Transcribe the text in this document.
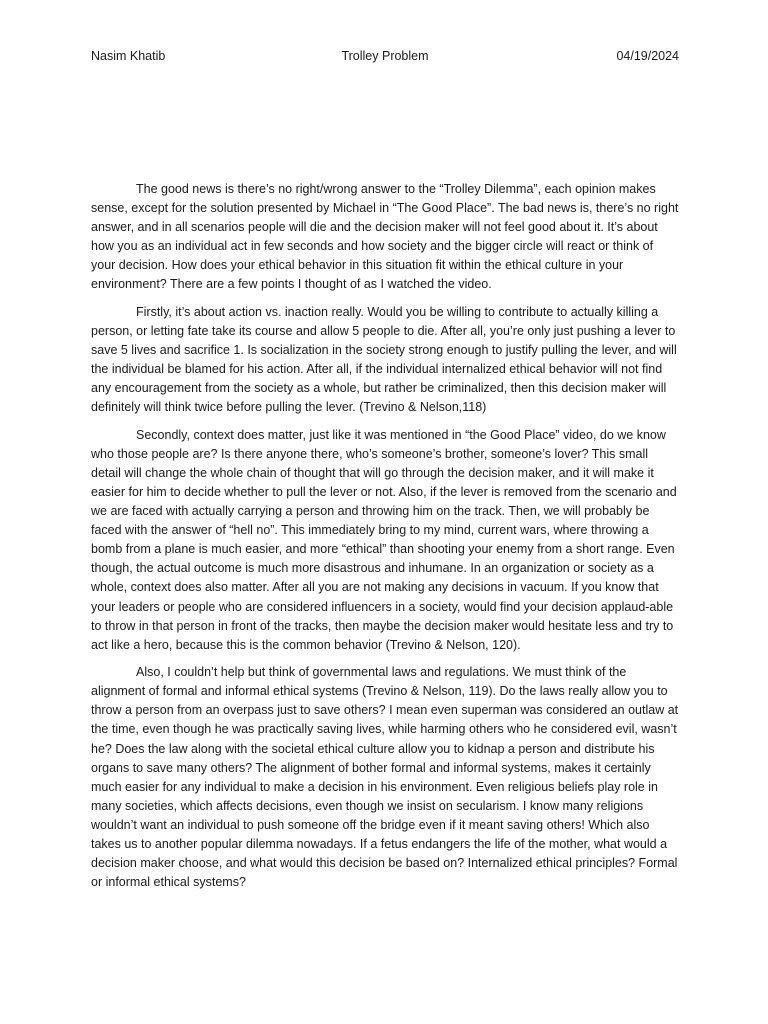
Nasim Khatib	Trolley Problem	04/19/2024

The good news is there’s no right/wrong answer to the “Trolley Dilemma”, each opinion makes sense, except for the solution presented by Michael in “The Good Place”. The bad news is, there’s no right answer, and in all scenarios people will die and the decision maker will not feel good about it. It’s about how you as an individual act in few seconds and how society and the bigger circle will react or think of your decision. How does your ethical behavior in this situation fit within the ethical culture in your environment? There are a few points I thought of as I watched the video.

Firstly, it’s about action vs. inaction really. Would you be willing to contribute to actually killing a person, or letting fate take its course and allow 5 people to die. After all, you’re only just pushing a lever to save 5 lives and sacrifice 1. Is socialization in the society strong enough to justify pulling the lever, and will the individual be blamed for his action. After all, if the individual internalized ethical behavior will not find any encouragement from the society as a whole, but rather be criminalized, then this decision maker will definitely will think twice before pulling the lever. (Trevino & Nelson,118)

Secondly, context does matter, just like it was mentioned in “the Good Place” video, do we know who those people are? Is there anyone there, who’s someone’s brother, someone’s lover? This small detail will change the whole chain of thought that will go through the decision maker, and it will make it easier for him to decide whether to pull the lever or not. Also, if the lever is removed from the scenario and we are faced with actually carrying a person and throwing him on the track. Then, we will probably be faced with the answer of “hell no”. This immediately bring to my mind, current wars, where throwing a bomb from a plane is much easier, and more “ethical” than shooting your enemy from a short range. Even though, the actual outcome is much more disastrous and inhumane. In an organization or society as a whole, context does also matter. After all you are not making any decisions in vacuum. If you know that your leaders or people who are considered influencers in a society, would find your decision applaud-able to throw in that person in front of the tracks, then maybe the decision maker would hesitate less and try to act like a hero, because this is the common behavior (Trevino & Nelson, 120).

Also, I couldn’t help but think of governmental laws and regulations. We must think of the alignment of formal and informal ethical systems (Trevino & Nelson, 119). Do the laws really allow you to throw a person from an overpass just to save others? I mean even superman was considered an outlaw at the time, even though he was practically saving lives, while harming others who he considered evil, wasn’t he? Does the law along with the societal ethical culture allow you to kidnap a person and distribute his organs to save many others? The alignment of bother formal and informal systems, makes it certainly much easier for any individual to make a decision in his environment. Even religious beliefs play role in many societies, which affects decisions, even though we insist on secularism. I know many religions wouldn’t want an individual to push someone off the bridge even if it meant saving others! Which also takes us to another popular dilemma nowadays. If a fetus endangers the life of the mother, what would a decision maker choose, and what would this decision be based on? Internalized ethical principles? Formal or informal ethical systems?
